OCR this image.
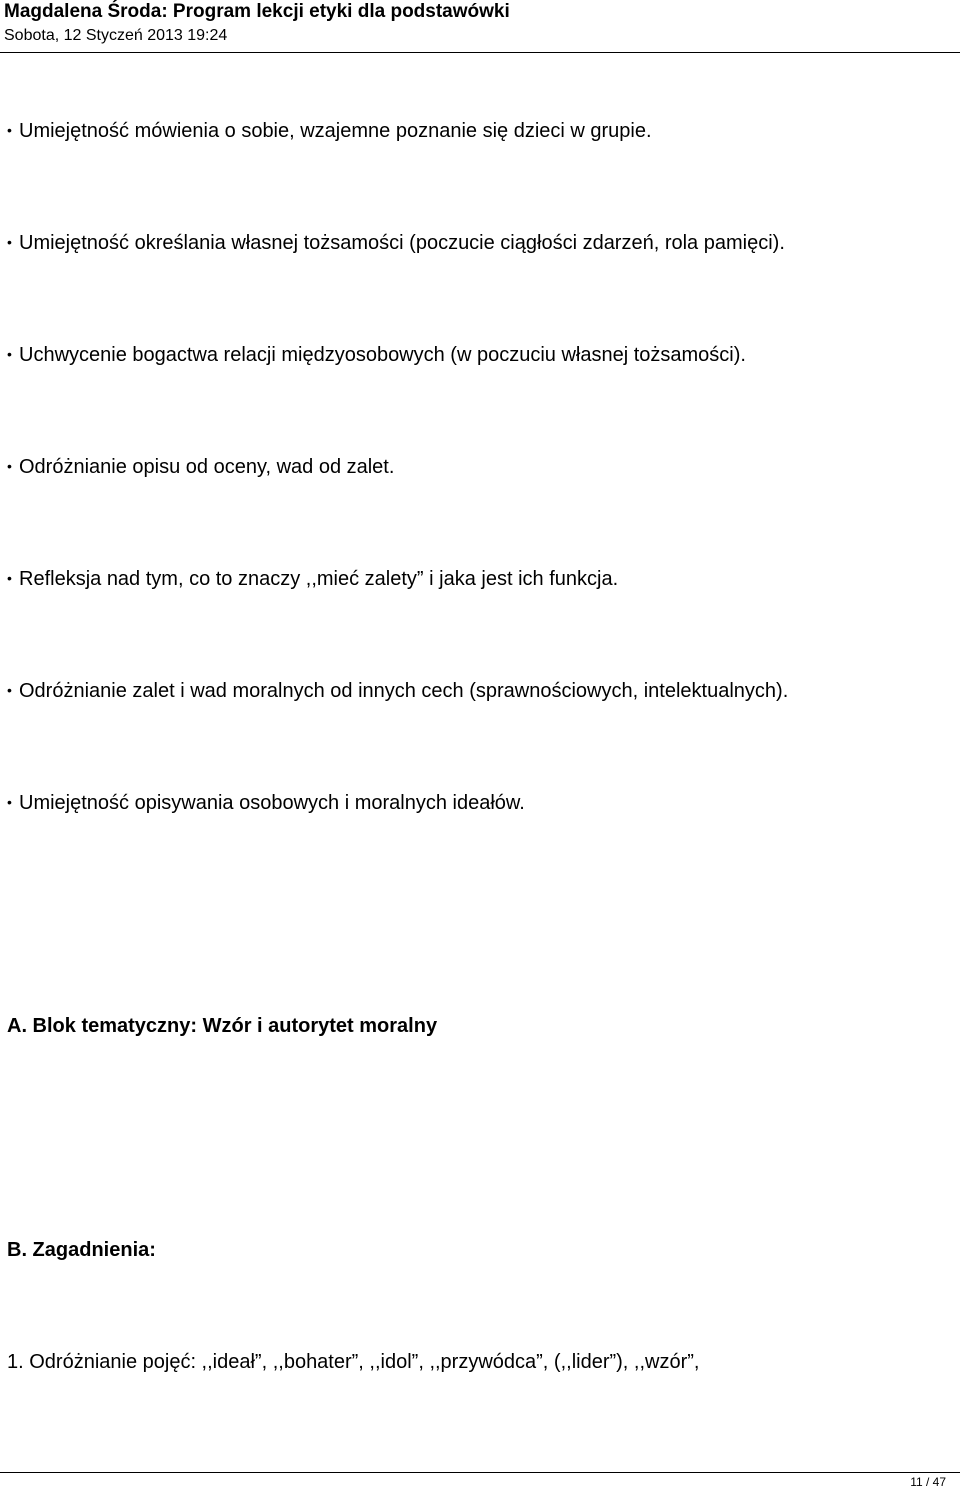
Magdalena Środa: Program lekcji etyki dla podstawówki
Sobota, 12 Styczeń 2013 19:24
• Umiejętność mówienia o sobie, wzajemne poznanie się dzieci w grupie.
• Umiejętność określania własnej tożsamości (poczucie ciągłości zdarzeń, rola pamięci).
• Uchwycenie bogactwa relacji międzyosobowych (w poczuciu własnej tożsamości).
• Odróżnianie opisu od oceny, wad od zalet.
• Refleksja nad tym, co to znaczy ,,mieć zalety” i jaka jest ich funkcja.
• Odróżnianie zalet i wad moralnych od innych cech (sprawnościowych, intelektualnych).
• Umiejętność opisywania osobowych i moralnych ideałów.
A. Blok tematyczny: Wzór i autorytet moralny
B. Zagadnienia:
1. Odróżnianie pojęć: ,,ideał”, ,,bohater”, ,,idol”, ,,przywódca”, (,,lider”), ,,wzór”,
11 / 47
